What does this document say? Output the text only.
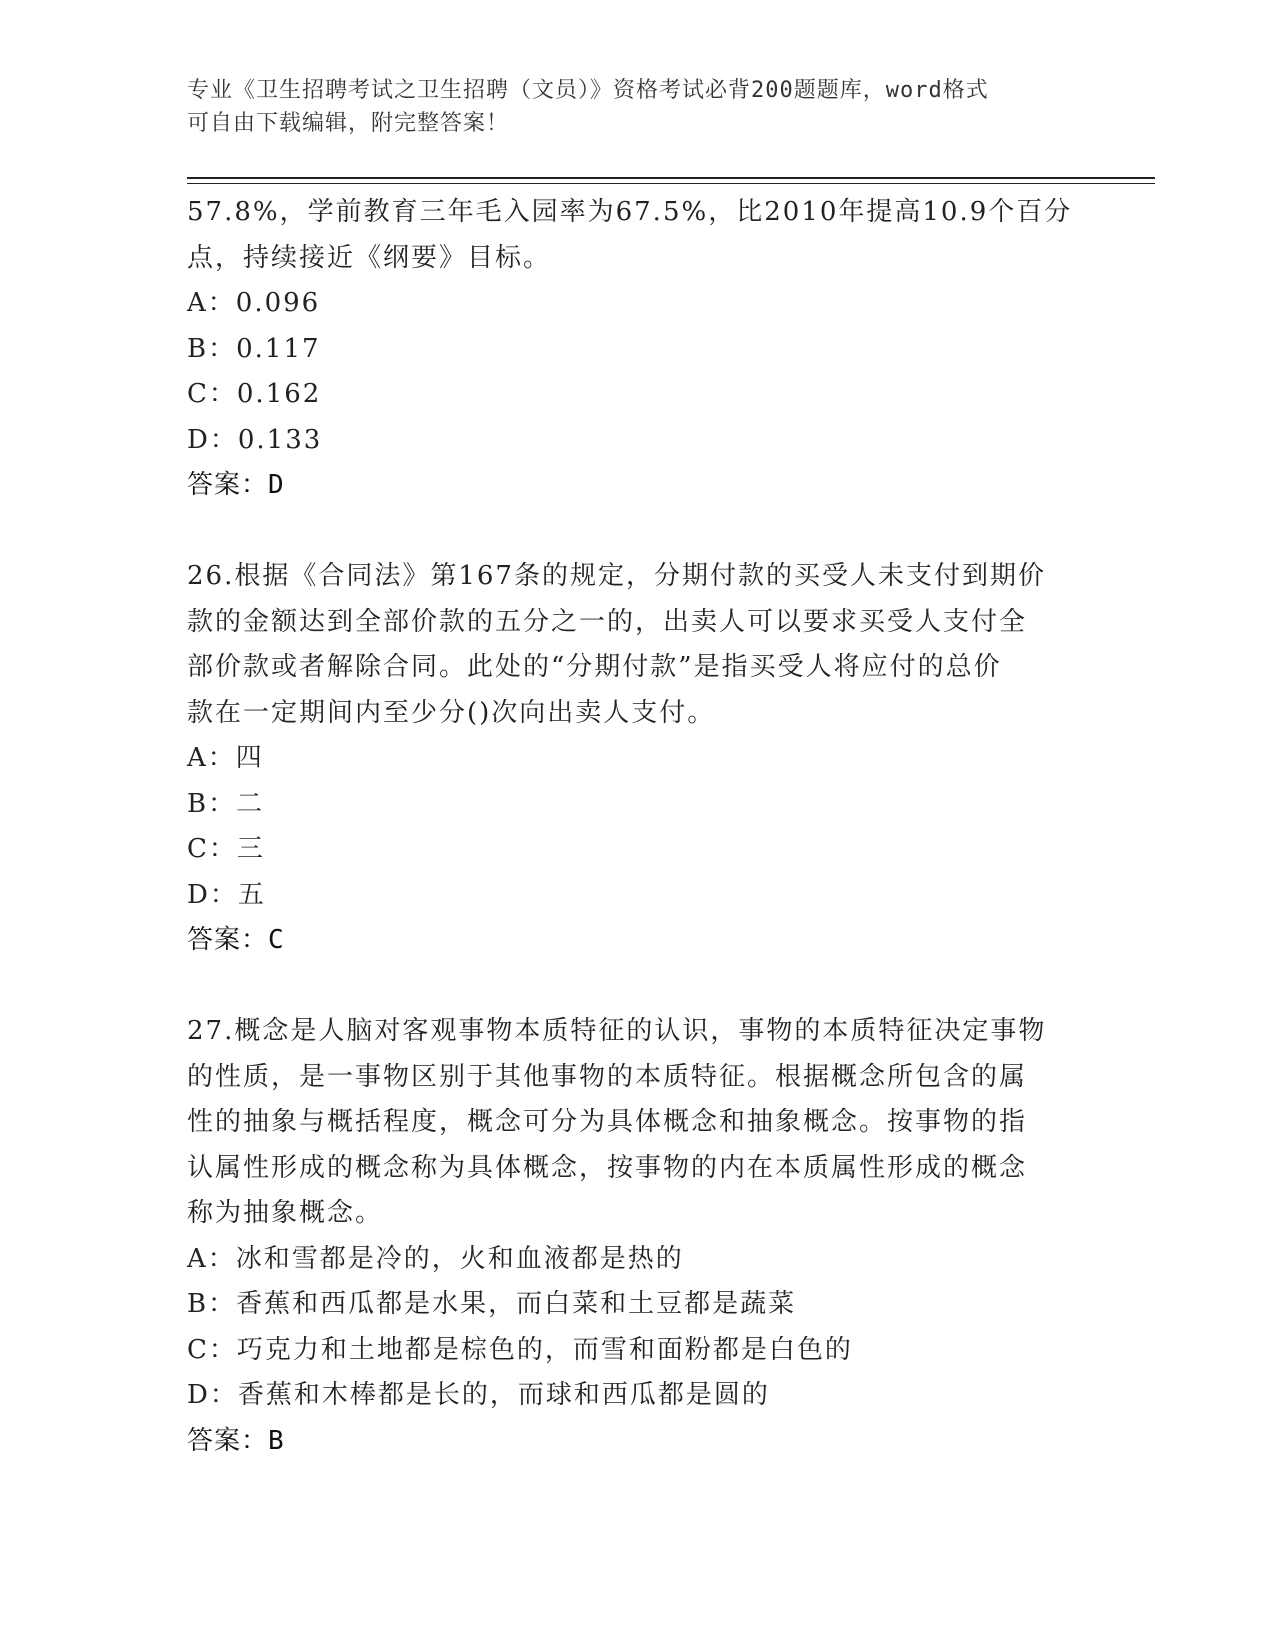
专业《卫生招聘考试之卫生招聘（文员）》资格考试必背200题题库，word格式
可自由下载编辑，附完整答案！

57.8%，学前教育三年毛入园率为67.5%，比2010年提高10.9个百分
点，持续接近《纲要》目标。

A：0.096

B：0.117

C：0.162

D：0.133

答案：D

26.根据《合同法》第167条的规定，分期付款的买受人未支付到期价
款的金额达到全部价款的五分之一的，出卖人可以要求买受人支付全
部价款或者解除合同。此处的“分期付款”是指买受人将应付的总价
款在一定期间内至少分()次向出卖人支付。

A：四

B：二

C：三

D：五

答案：C

27.概念是人脑对客观事物本质特征的认识，事物的本质特征决定事物
的性质，是一事物区别于其他事物的本质特征。根据概念所包含的属
性的抽象与概括程度，概念可分为具体概念和抽象概念。按事物的指
认属性形成的概念称为具体概念，按事物的内在本质属性形成的概念
称为抽象概念。

A：冰和雪都是冷的，火和血液都是热的

B：香蕉和西瓜都是水果，而白菜和土豆都是蔬菜

C：巧克力和土地都是棕色的，而雪和面粉都是白色的

D：香蕉和木棒都是长的，而球和西瓜都是圆的

答案：B
